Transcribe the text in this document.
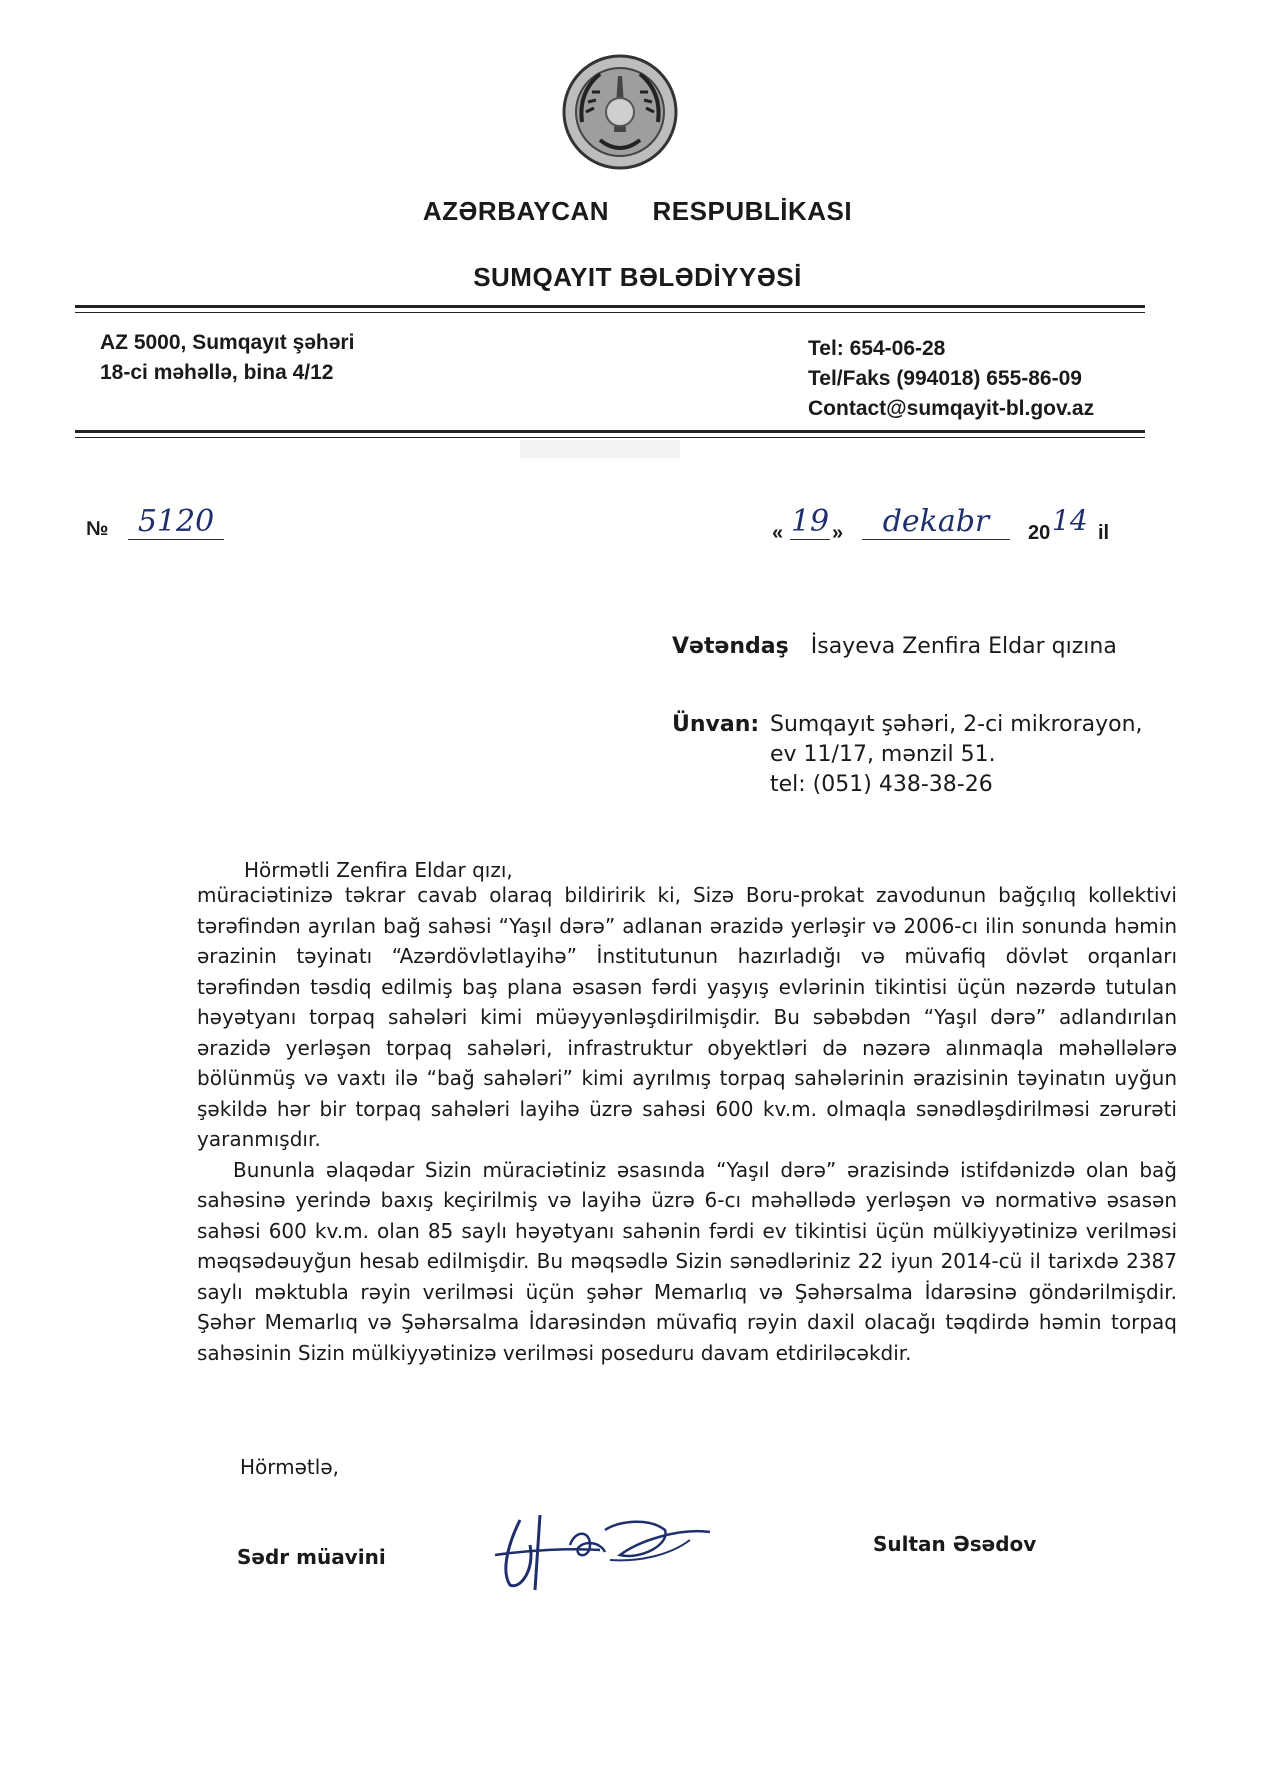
AZƏRBAYCAN RESPUBLİKASI
SUMQAYIT BƏLƏDİYYƏSİ
AZ 5000, Sumqayıt şəhəri
18-ci məhəllə, bina 4/12
Tel: 654-06-28
Tel/Faks (994018) 655-86-09
Contact@sumqayit-bl.gov.az
№ 5120	« 19 »	dekabr	20 14 il
Vətəndaş İsayeva Zenfira Eldar qızına
Ünvan: Sumqayıt şəhəri, 2-ci mikrorayon,
ev 11/17, mənzil 51.
tel: (051) 438-38-26
Hörmətli Zenfira Eldar qızı,

müraciətinizə təkrar cavab olaraq bildiririk ki, Sizə Boru-prokat zavodunun bağçılıq kollektivi tərəfindən ayrılan bağ sahəsi “Yaşıl dərə” adlanan ərazidə yerləşir və 2006-cı ilin sonunda həmin ərazinin təyinatı “Azərdövlətlayihə” İnstitutunun hazırladığı və müvafiq dövlət orqanları tərəfindən təsdiq edilmiş baş plana əsasən fərdi yaşyış evlərinin tikintisi üçün nəzərdə tutulan həyətyanı torpaq sahələri kimi müəyyənləşdirilmişdir. Bu səbəbdən “Yaşıl dərə” adlandırılan ərazidə yerləşən torpaq sahələri, infrastruktur obyektləri də nəzərə alınmaqla məhəllələrə bölünmüş və vaxtı ilə “bağ sahələri” kimi ayrılmış torpaq sahələrinin ərazisinin təyinatın uyğun şəkildə hər bir torpaq sahələri layihə üzrə sahəsi 600 kv.m. olmaqla sənədləşdirilməsi zərurəti yaranmışdır.

Bununla əlaqədar Sizin müraciətiniz əsasında “Yaşıl dərə” ərazisində istifdənizdə olan bağ sahəsinə yerində baxış keçirilmiş və layihə üzrə 6-cı məhəllədə yerləşən və normativə əsasən sahəsi 600 kv.m. olan 85 saylı həyətyanı sahənin fərdi ev tikintisi üçün mülkiyyətinizə verilməsi məqsədəuyğun hesab edilmişdir. Bu məqsədlə Sizin sənədləriniz 22 iyun 2014-cü il tarixdə 2387 saylı məktubla rəyin verilməsi üçün şəhər Memarlıq və Şəhərsalma İdarəsinə göndərilmişdir. Şəhər Memarlıq və Şəhərsalma İdarəsindən müvafiq rəyin daxil olacağı təqdirdə həmin torpaq sahəsinin Sizin mülkiyyətinizə verilməsi poseduru davam etdiriləcəkdir.

Hörmətlə,
Sədr müavini
Sultan Əsədov
